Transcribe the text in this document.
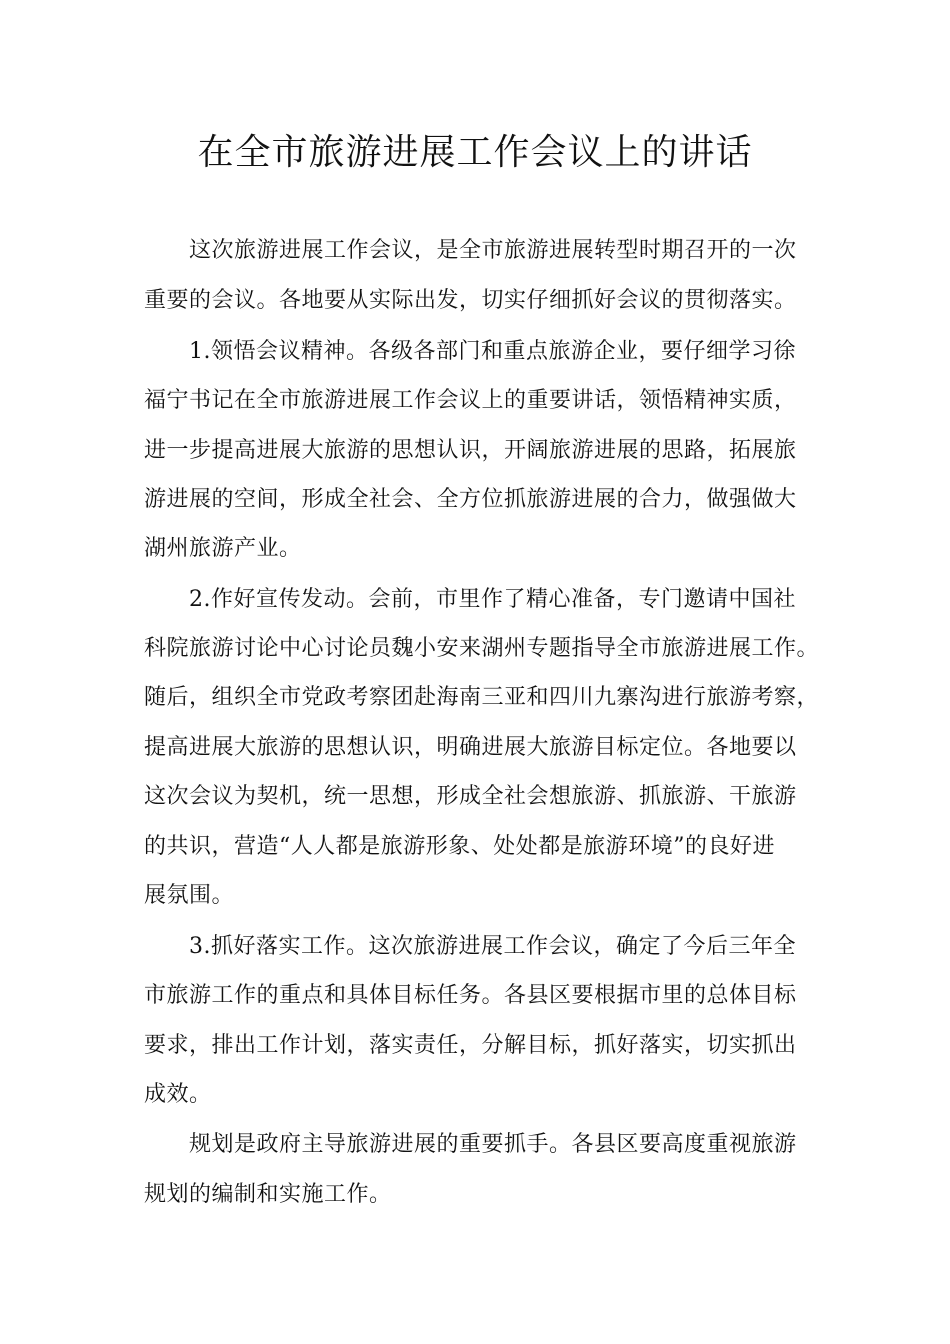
在全市旅游进展工作会议上的讲话
这次旅游进展工作会议，是全市旅游进展转型时期召开的一次
重要的会议。各地要从实际出发，切实仔细抓好会议的贯彻落实。
1.领悟会议精神。各级各部门和重点旅游企业，要仔细学习徐
福宁书记在全市旅游进展工作会议上的重要讲话，领悟精神实质，
进一步提高进展大旅游的思想认识，开阔旅游进展的思路，拓展旅
游进展的空间，形成全社会、全方位抓旅游进展的合力，做强做大
湖州旅游产业。
2.作好宣传发动。会前，市里作了精心准备，专门邀请中国社
科院旅游讨论中心讨论员魏小安来湖州专题指导全市旅游进展工作。
随后，组织全市党政考察团赴海南三亚和四川九寨沟进行旅游考察，
提高进展大旅游的思想认识，明确进展大旅游目标定位。各地要以
这次会议为契机，统一思想，形成全社会想旅游、抓旅游、干旅游
的共识，营造“人人都是旅游形象、处处都是旅游环境”的良好进
展氛围。
3.抓好落实工作。这次旅游进展工作会议，确定了今后三年全
市旅游工作的重点和具体目标任务。各县区要根据市里的总体目标
要求，排出工作计划，落实责任，分解目标，抓好落实，切实抓出
成效。
规划是政府主导旅游进展的重要抓手。各县区要高度重视旅游
规划的编制和实施工作。
